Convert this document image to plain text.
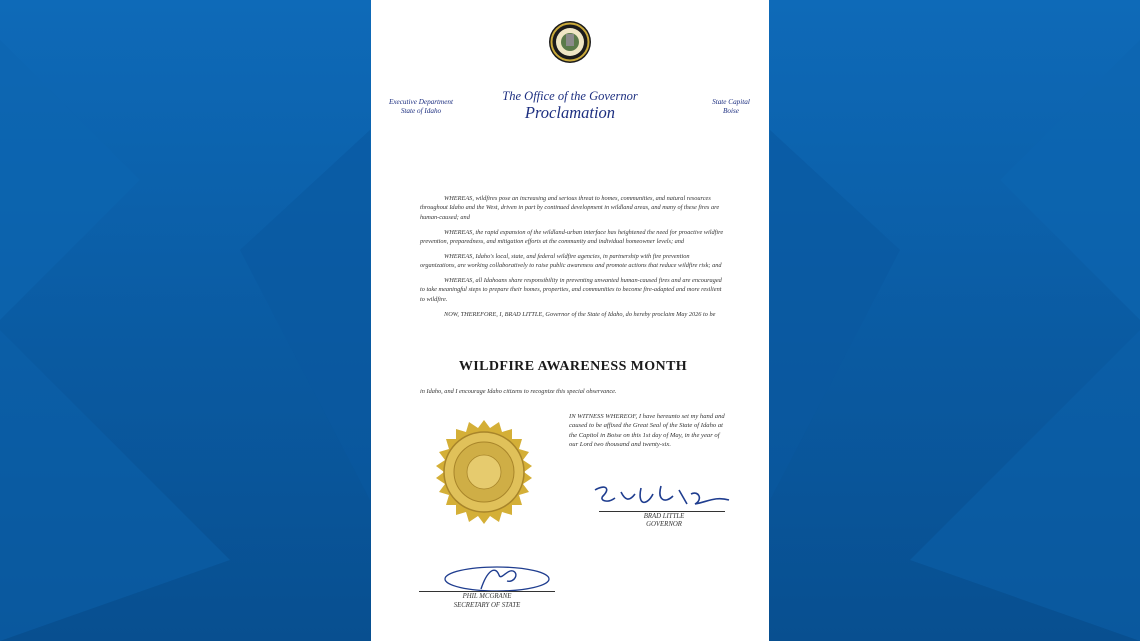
Executive Department
State of Idaho
The Office of the Governor
Proclamation
State Capital
Boise

WHEREAS, wildfires pose an increasing and serious threat to homes, communities, and natural resources throughout Idaho and the West, driven in part by continued development in wildland areas, and many of these fires are human-caused; and

WHEREAS, the rapid expansion of the wildland-urban interface has heightened the need for proactive wildfire prevention, preparedness, and mitigation efforts at the community and individual homeowner levels; and

WHEREAS, Idaho's local, state, and federal wildfire agencies, in partnership with fire prevention organizations, are working collaboratively to raise public awareness and promote actions that reduce wildfire risk; and

WHEREAS, all Idahoans share responsibility in preventing unwanted human-caused fires and are encouraged to take meaningful steps to prepare their homes, properties, and communities to become fire-adapted and more resilient to wildfire.

NOW, THEREFORE, I, BRAD LITTLE, Governor of the State of Idaho, do hereby proclaim May 2026 to be

WILDFIRE AWARENESS MONTH
in Idaho, and I encourage Idaho citizens to recognize this special observance.
IN WITNESS WHEREOF, I have hereunto set my hand and caused to be affixed the Great Seal of the State of Idaho at the Capitol in Boise on this 1st day of May, in the year of our Lord two thousand and twenty-six.
BRAD LITTLE
GOVERNOR
PHIL MCGRANE
SECRETARY OF STATE
